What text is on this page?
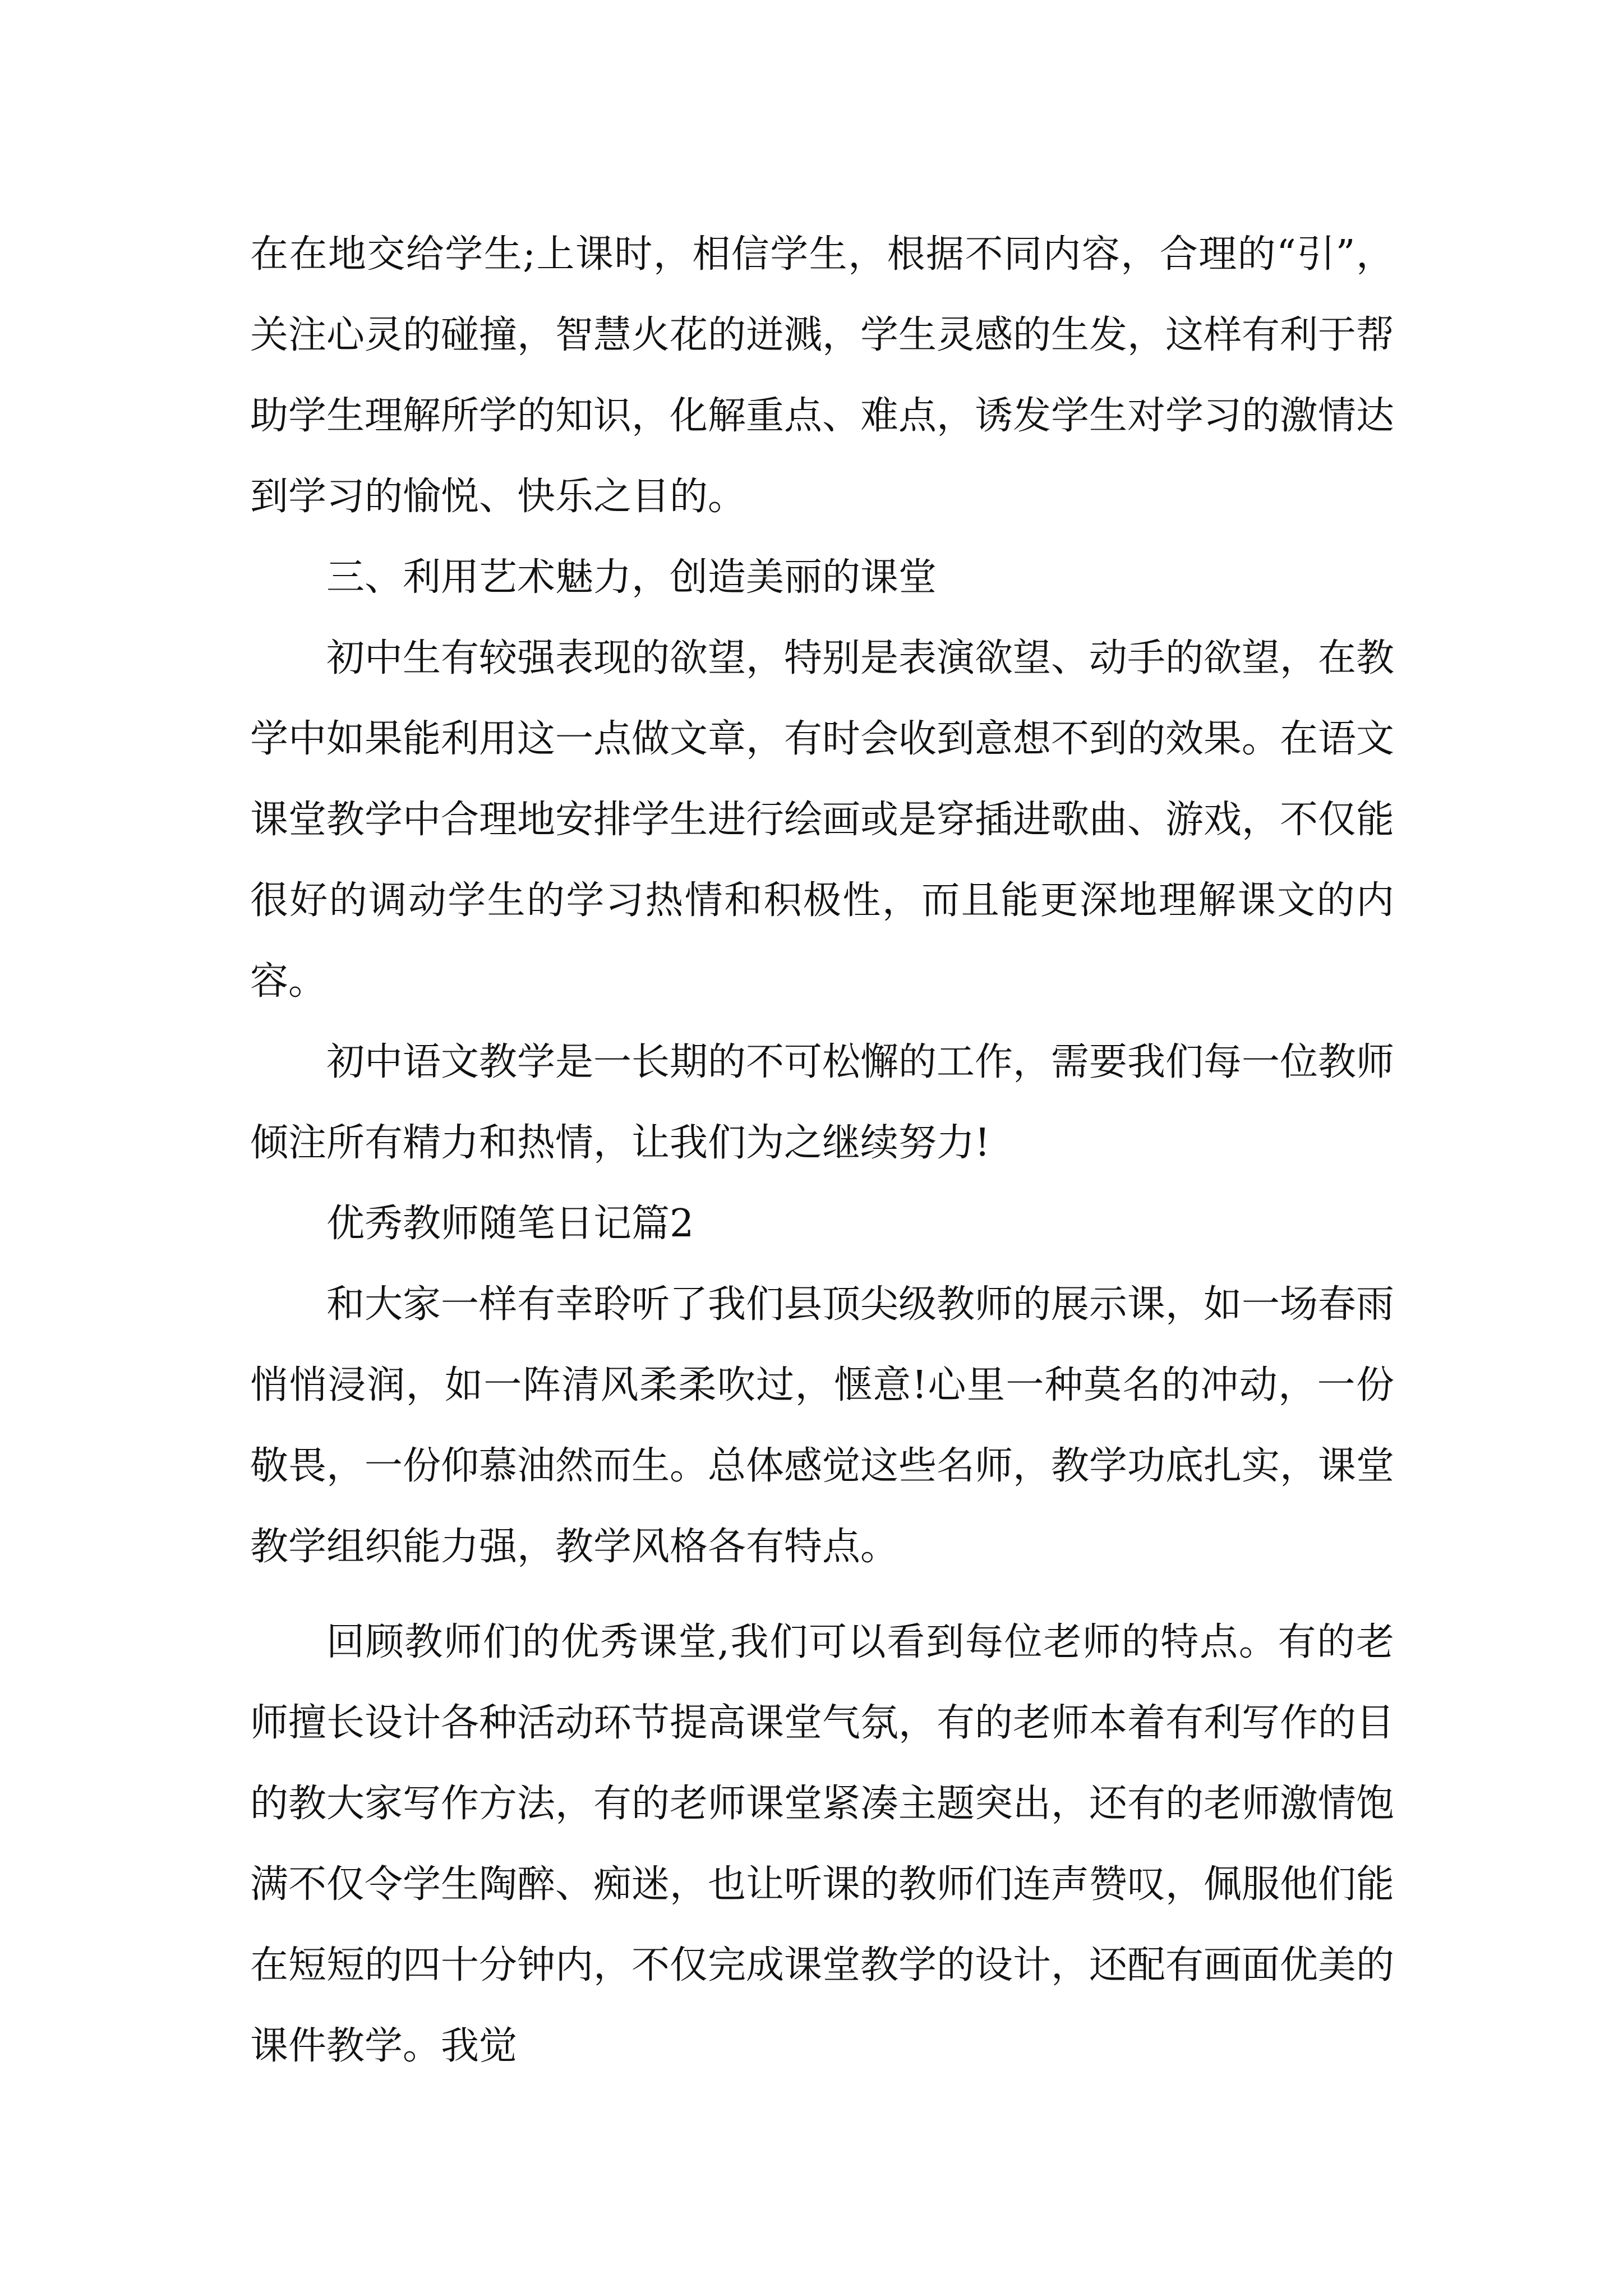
在在地交给学生;上课时，相信学生，根据不同内容，合理的“引”，关注心灵的碰撞，智慧火花的迸溅，学生灵感的生发，这样有利于帮助学生理解所学的知识，化解重点、难点，诱发学生对学习的激情达到学习的愉悦、快乐之目的。

三、利用艺术魅力，创造美丽的课堂

初中生有较强表现的欲望，特别是表演欲望、动手的欲望，在教学中如果能利用这一点做文章，有时会收到意想不到的效果。在语文课堂教学中合理地安排学生进行绘画或是穿插进歌曲、游戏，不仅能很好的调动学生的学习热情和积极性，而且能更深地理解课文的内容。

初中语文教学是一长期的不可松懈的工作，需要我们每一位教师倾注所有精力和热情，让我们为之继续努力!

优秀教师随笔日记篇2

和大家一样有幸聆听了我们县顶尖级教师的展示课，如一场春雨悄悄浸润，如一阵清风柔柔吹过，惬意!心里一种莫名的冲动，一份敬畏，一份仰慕油然而生。总体感觉这些名师，教学功底扎实，课堂教学组织能力强，教学风格各有特点。

回顾教师们的优秀课堂,我们可以看到每位老师的特点。有的老师擅长设计各种活动环节提高课堂气氛，有的老师本着有利写作的目的教大家写作方法，有的老师课堂紧凑主题突出，还有的老师激情饱满不仅令学生陶醉、痴迷，也让听课的教师们连声赞叹，佩服他们能在短短的四十分钟内，不仅完成课堂教学的设计，还配有画面优美的课件教学。我觉
